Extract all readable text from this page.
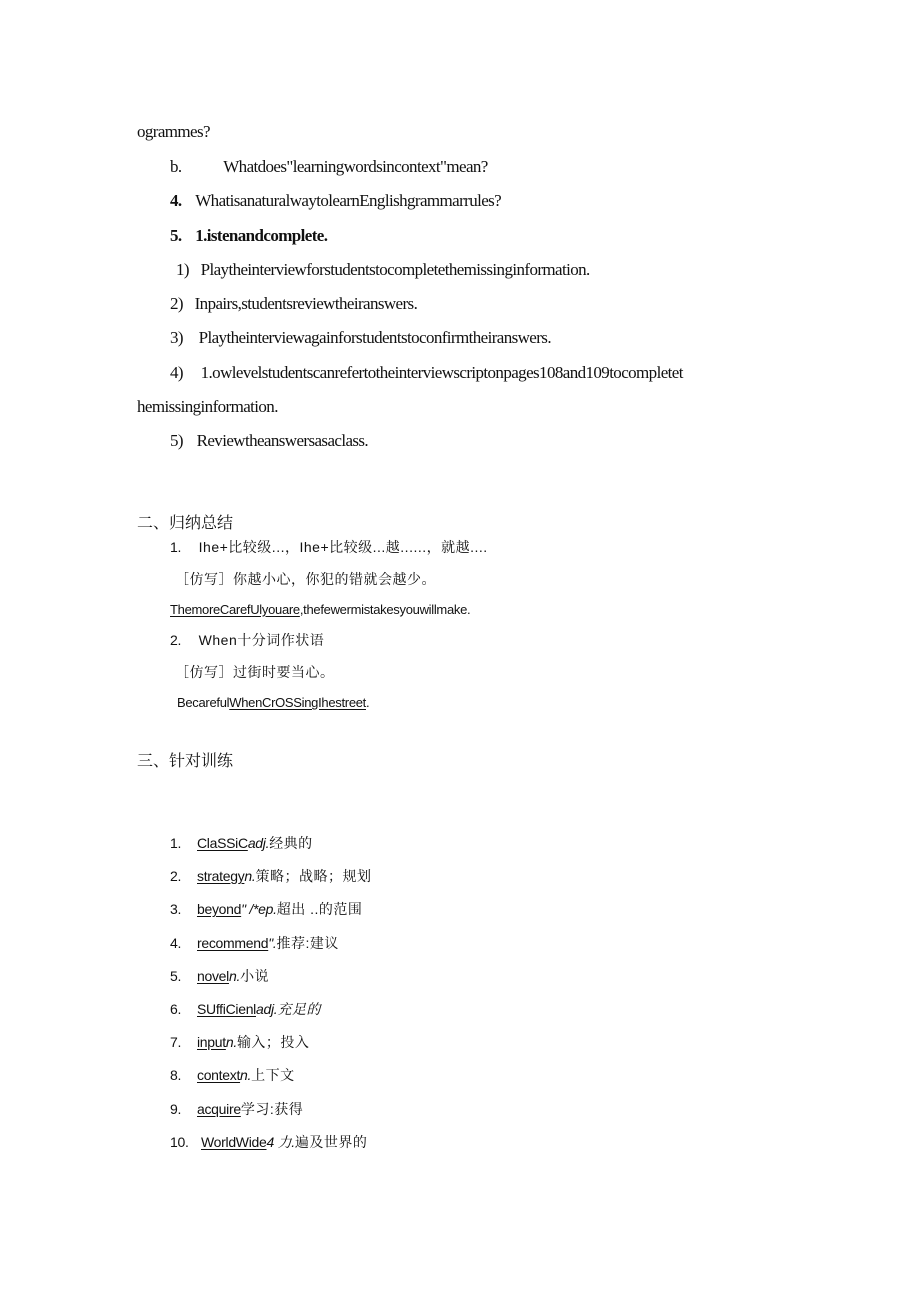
ogrammes?
b. Whatdoes"learningwordsincontext"mean?
4. WhatisanaturalwaytolearnEnglishgrammarrules?
5. 1.istenandcomplete.
1) Playtheinterviewforstudentstocompletethemissinginformation.
2) Inpairs,studentsreviewtheiranswers.
3) Playtheinterviewagainforstudentstoconfirmtheiranswers.
4) 1.owlevelstudentscanrefertotheinterviewscriptonpages108and109tocompletet
hemissinginformation.
5) Reviewtheanswersasaclass.
二、归纳总结
1. Ihe+比较级...，Ihe+比较级...越......，就越....
［仿写］你越小心，你犯的错就会越少。
ThemoreCarefUlyouare,thefewermistakesyouwillmake.
2. When十分词作状语
［仿写］过街时要当心。
BecarefulWhenCrOSSingIhestreet.
三、针对训练
1. ClaSSiCadj.经典的
2. strategyn.策略；战略；规划
3. beyond" /*ep.超出 ..的范围
4. recommend".推荐:建议
5. noveln.小说
6. SUffiCienladj.充足的
7. inputn.输入；投入
8. contextn.上下文
9. acquire学习:获得
10. WorldWide4 力.遍及世界的
